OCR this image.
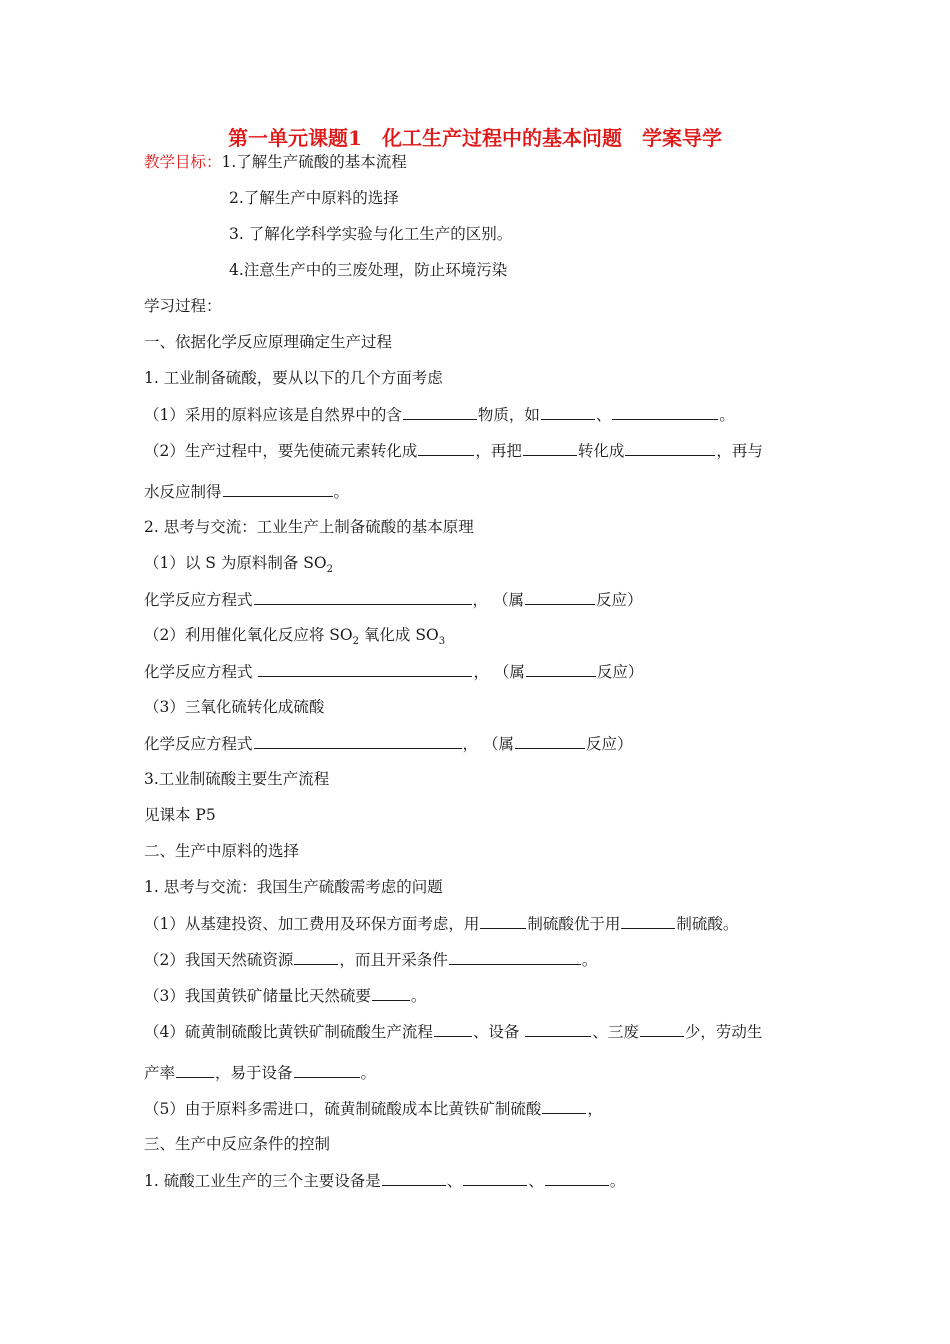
第一单元课题1　化工生产过程中的基本问题　学案导学
教学目标：1.了解生产硫酸的基本流程
2.了解生产中原料的选择
3. 了解化学科学实验与化工生产的区别。
4.注意生产中的三废处理，防止环境污染
学习过程：
一、依据化学反应原理确定生产过程
1. 工业制备硫酸，要从以下的几个方面考虑
（1）采用的原料应该是自然界中的含	物质，如	、	。
（2）生产过程中，要先使硫元素转化成	，再把	转化成	，再与
水反应制得	。
2. 思考与交流：工业生产上制备硫酸的基本原理
（1）以 S 为原料制备 $SO_2$
化学反应方程式	， （属	反应）
（2）利用催化氧化反应将 $SO_2$ 氧化成 $SO_3$
化学反应方程式	， （属	反应）
（3）三氧化硫转化成硫酸
化学反应方程式	， （属	反应）
3.工业制硫酸主要生产流程
见课本 P5
二、生产中原料的选择
1. 思考与交流：我国生产硫酸需考虑的问题
（1）从基建投资、加工费用及环保方面考虑，用	制硫酸优于用	制硫酸。
（2）我国天然硫资源	，而且开采条件	。
（3）我国黄铁矿储量比天然硫要	。
（4）硫黄制硫酸比黄铁矿制硫酸生产流程	、设备	、三废	少，劳动生
产率	，易于设备	。
（5）由于原料多需进口，硫黄制硫酸成本比黄铁矿制硫酸	，
三、生产中反应条件的控制
1. 硫酸工业生产的三个主要设备是	、	、	。
